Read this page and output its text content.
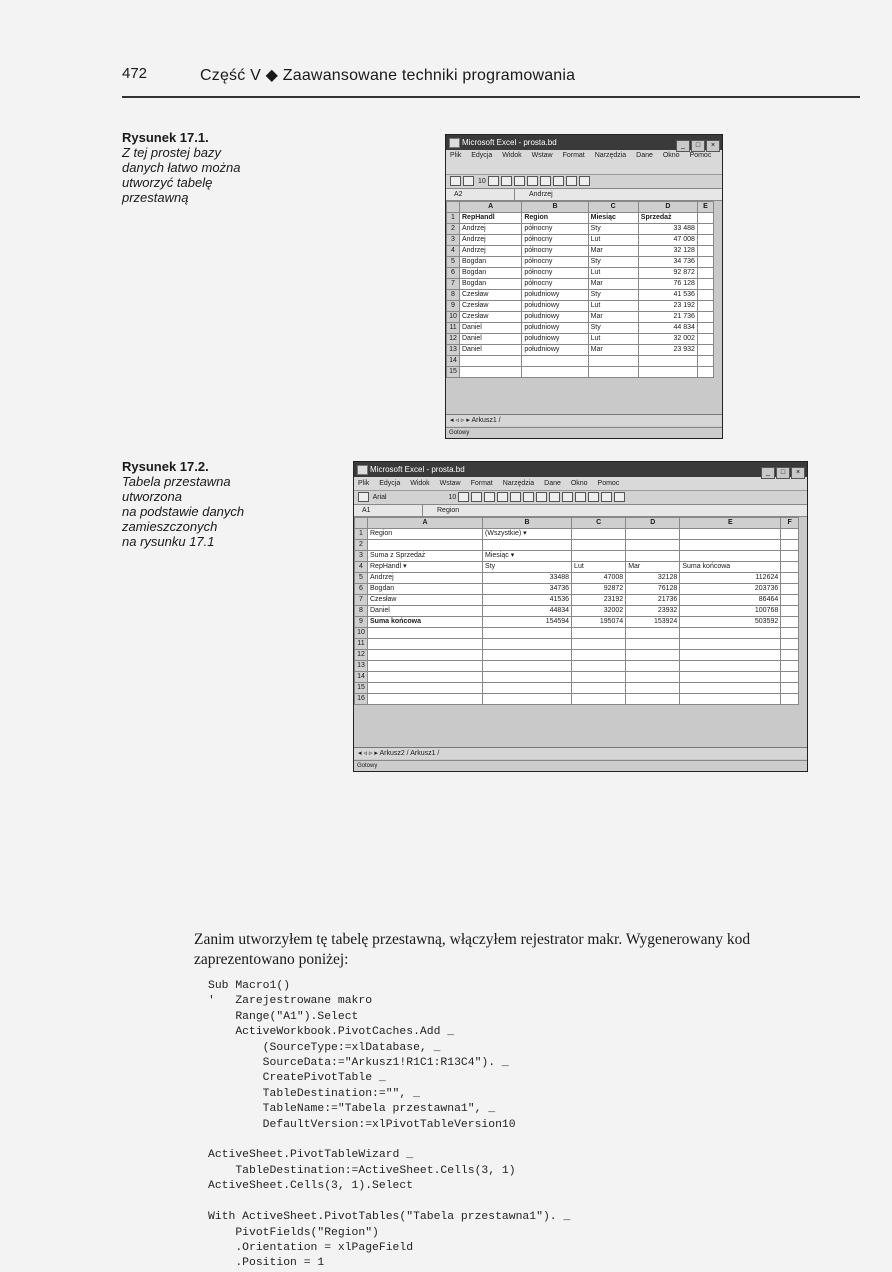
472	Część V ◆ Zaawansowane techniki programowania
Rysunek 17.1.
Z tej prostej bazy
danych łatwo można
utworzyć tabelę
przestawną
Microsoft Excel - prosta.bd	_ □ ×
Plik Edycja Widok Wstaw Format Narzędzia Dane Okno Pomoc
10
A2	Andrzej
	A	B	C	D	E
1	RepHandl	Region	Miesiąc	Sprzedaż	
2	Andrzej	północny	Sty	33 488	
3	Andrzej	północny	Lut	47 008	
4	Andrzej	północny	Mar	32 128	
5	Bogdan	północny	Sty	34 736	
6	Bogdan	północny	Lut	92 872	
7	Bogdan	północny	Mar	76 128	
8	Czesław	południowy	Sty	41 536	
9	Czesław	południowy	Lut	23 192	
10	Czesław	południowy	Mar	21 736	
11	Daniel	południowy	Sty	44 834	
12	Daniel	południowy	Lut	32 002	
13	Daniel	południowy	Mar	23 932	
14					
15					
◂ ◃ ▹ ▸ Arkusz1 /
Gotowy
Rysunek 17.2.
Tabela przestawna
utworzona
na podstawie danych
zamieszczonych
na rysunku 17.1
Microsoft Excel - prosta.bd	_ □ ×
Plik Edycja Widok Wstaw Format Narzędzia Dane Okno Pomoc
Arial	10
A1	Region
	A	B	C	D	E	F
1	Region	(Wszystkie) ▾				
2						
3	Suma z Sprzedaż	Miesiąc ▾				
4	RepHandl ▾	Sty	Lut	Mar	Suma końcowa	
5	Andrzej	33488	47008	32128	112624	
6	Bogdan	34736	92872	76128	203736	
7	Czesław	41536	23192	21736	86464	
8	Daniel	44834	32002	23932	100768	
9	Suma końcowa	154594	195074	153924	503592	
10						
11						
12						
13						
14						
15						
16						
◂ ◃ ▹ ▸ Arkusz2 / Arkusz1 /
Gotowy
Zanim utworzyłem tę tabelę przestawną, włączyłem rejestrator makr. Wygenerowany kod zaprezentowano poniżej:
Sub Macro1()
'   Zarejestrowane makro
Range("A1").Select
ActiveWorkbook.PivotCaches.Add _
(SourceType:=xlDatabase, _
SourceData:="Arkusz1!R1C1:R13C4"). _
CreatePivotTable _
TableDestination:="", _
TableName:="Tabela przestawna1", _
DefaultVersion:=xlPivotTableVersion10

ActiveSheet.PivotTableWizard _
TableDestination:=ActiveSheet.Cells(3, 1)
ActiveSheet.Cells(3, 1).Select

With ActiveSheet.PivotTables("Tabela przestawna1"). _
PivotFields("Region")
.Orientation = xlPageField
.Position = 1
